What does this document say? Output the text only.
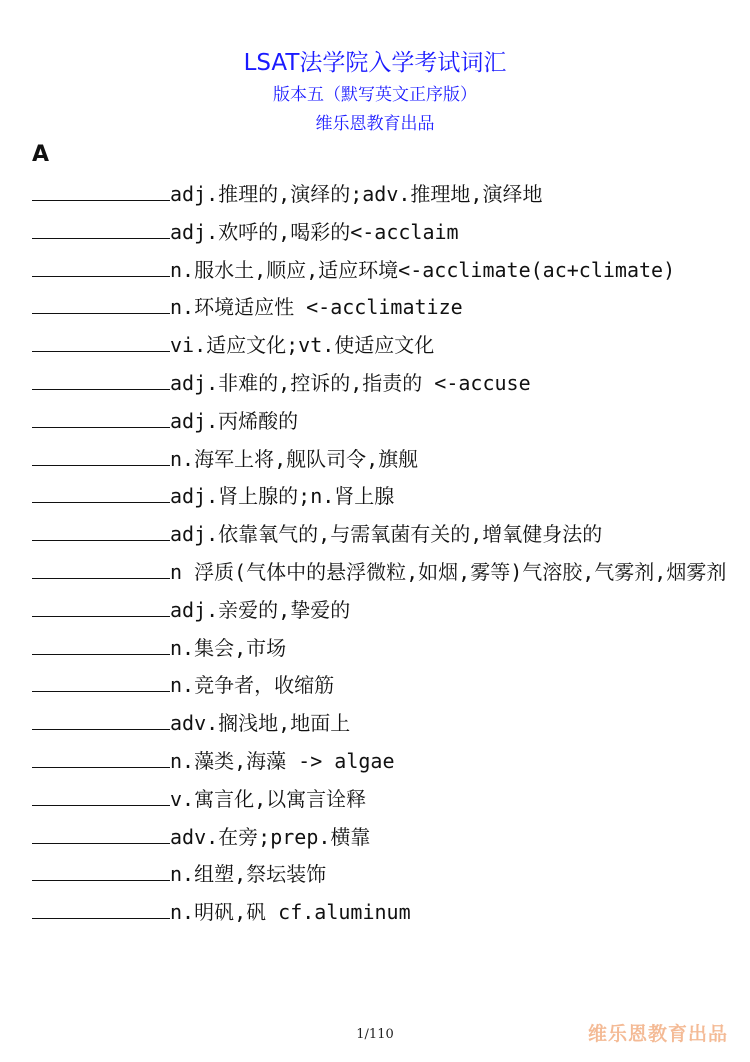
LSAT法学院入学考试词汇
版本五（默写英文正序版）
维乐恩教育出品
A
adj.推理的,演绎的;adv.推理地,演绎地
adj.欢呼的,喝彩的<-acclaim
n.服水土,顺应,适应环境<-acclimate(ac+climate)
n.环境适应性 <-acclimatize
vi.适应文化;vt.使适应文化
adj.非难的,控诉的,指责的 <-accuse
adj.丙烯酸的
n.海军上将,舰队司令,旗舰
adj.肾上腺的;n.肾上腺
adj.依靠氧气的,与需氧菌有关的,增氧健身法的
n 浮质(气体中的悬浮微粒,如烟,雾等)气溶胶,气雾剂,烟雾剂
adj.亲爱的,挚爱的
n.集会,市场
n.竞争者，收缩筋
adv.搁浅地,地面上
n.藻类,海藻 -> algae
v.寓言化,以寓言诠释
adv.在旁;prep.横靠
n.组塑,祭坛装饰
n.明矾,矾 cf.aluminum
1/110	维乐恩教育出品
